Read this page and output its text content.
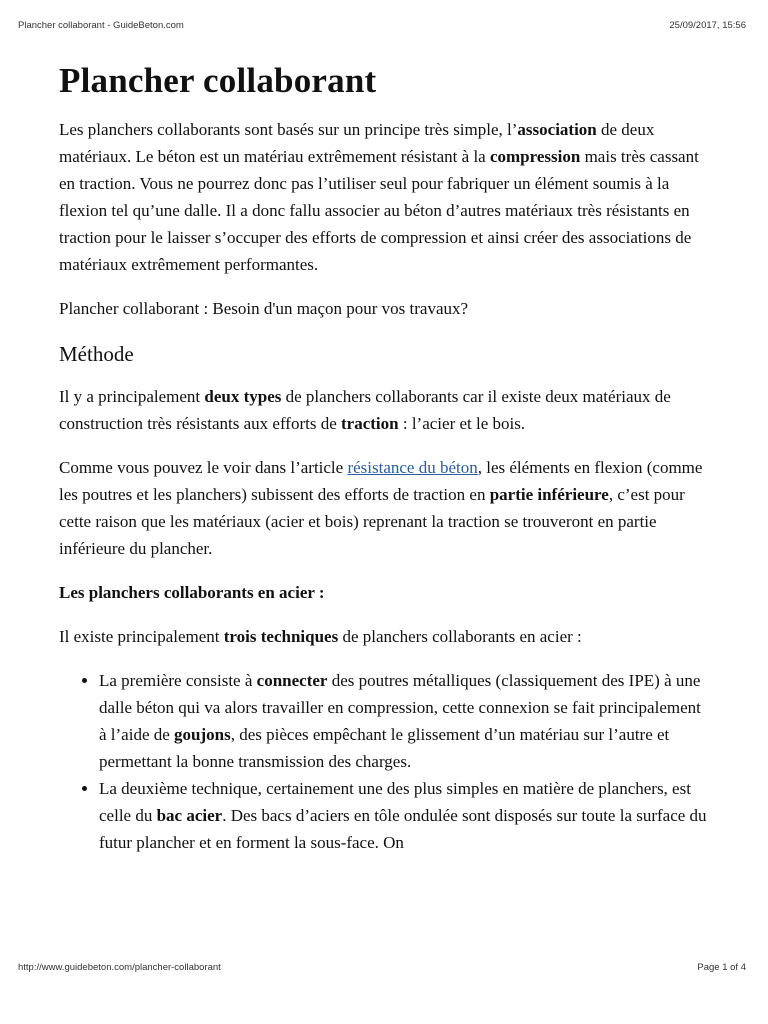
Plancher collaborant - GuideBeton.com	25/09/2017, 15:56
Plancher collaborant

Les planchers collaborants sont basés sur un principe très simple, l’association de deux matériaux. Le béton est un matériau extrêmement résistant à la compression mais très cassant en traction. Vous ne pourrez donc pas l’utiliser seul pour fabriquer un élément soumis à la flexion tel qu’une dalle. Il a donc fallu associer au béton d’autres matériaux très résistants en traction pour le laisser s’occuper des efforts de compression et ainsi créer des associations de matériaux extrêmement performantes.

Plancher collaborant : Besoin d'un maçon pour vos travaux?

Méthode

Il y a principalement deux types de planchers collaborants car il existe deux matériaux de construction très résistants aux efforts de traction : l’acier et le bois.

Comme vous pouvez le voir dans l’article résistance du béton, les éléments en flexion (comme les poutres et les planchers) subissent des efforts de traction en partie inférieure, c’est pour cette raison que les matériaux (acier et bois) reprenant la traction se trouveront en partie inférieure du plancher.

Les planchers collaborants en acier :

Il existe principalement trois techniques de planchers collaborants en acier :

• La première consiste à connecter des poutres métalliques (classiquement des IPE) à une dalle béton qui va alors travailler en compression, cette connexion se fait principalement à l’aide de goujons, des pièces empêchant le glissement d’un matériau sur l’autre et permettant la bonne transmission des charges.
• La deuxième technique, certainement une des plus simples en matière de planchers, est celle du bac acier. Des bacs d’aciers en tôle ondulée sont disposés sur toute la surface du futur plancher et en forment la sous-face. On
http://www.guidebeton.com/plancher-collaborant	Page 1 of 4
